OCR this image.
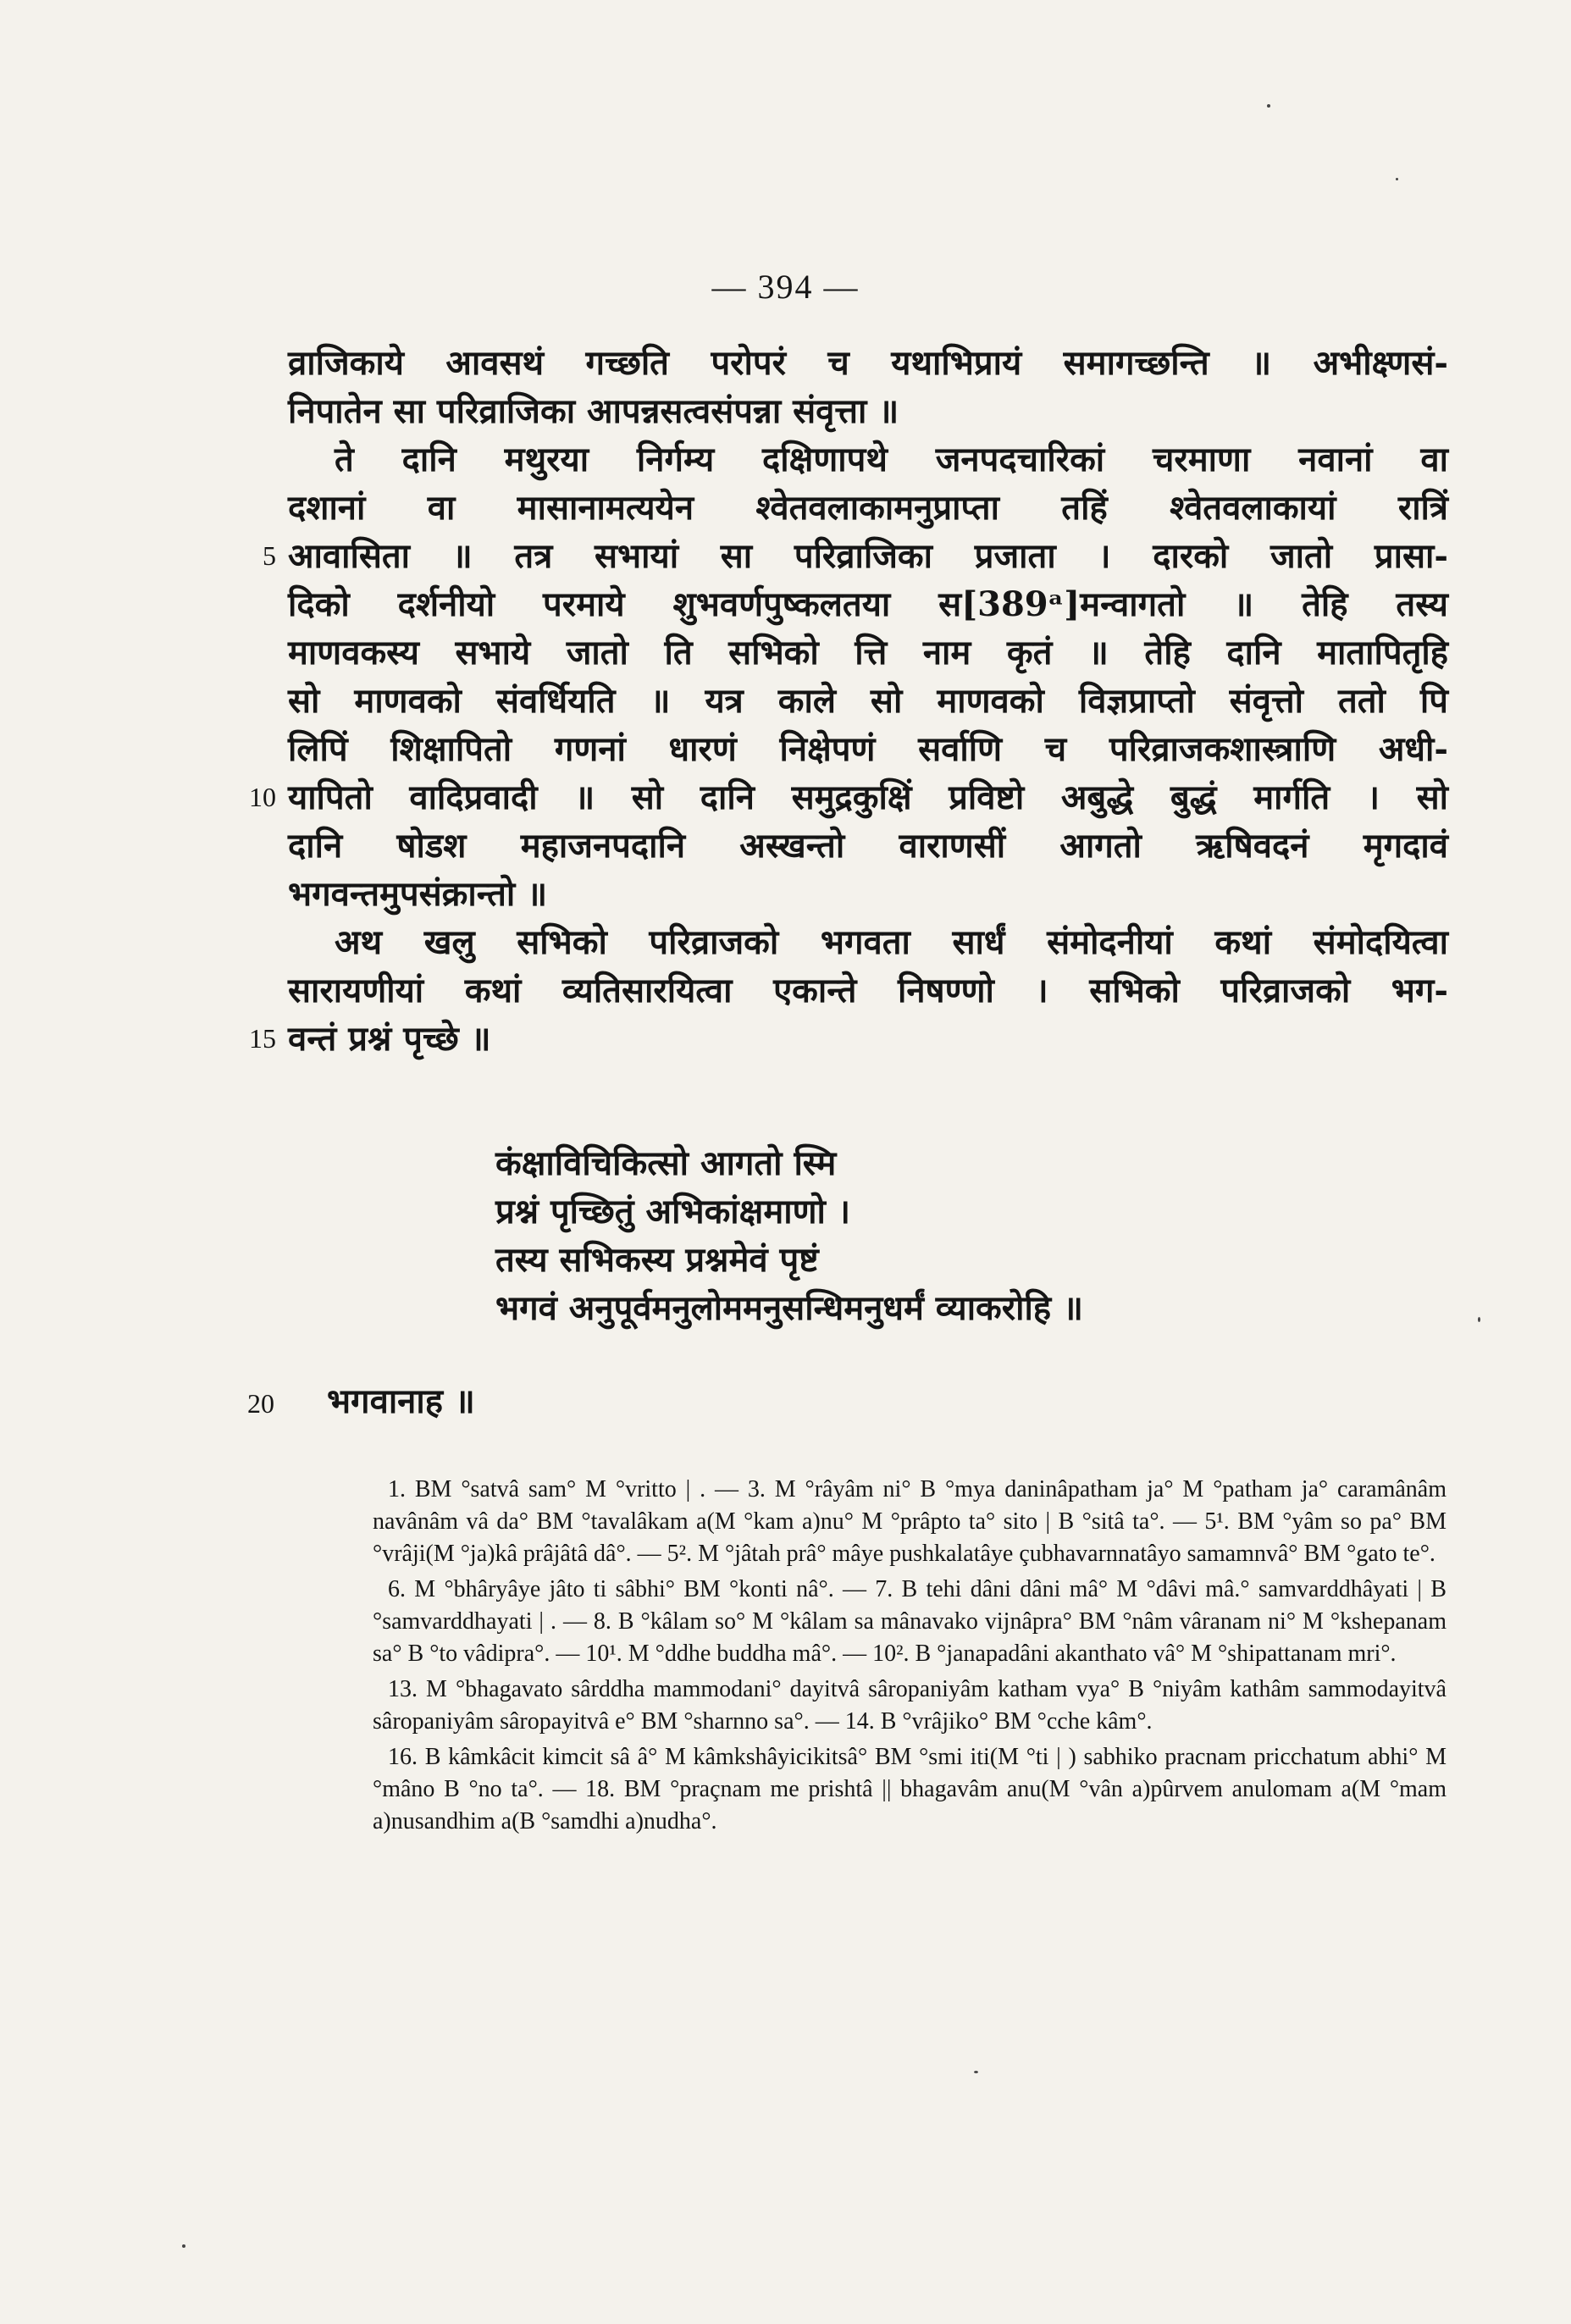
— 394 —
व्राजिकाये आवसथं गच्छति परोपरं च यथाभिप्रायं समागच्छन्ति ॥ अभीक्ष्णसं-
निपातेन सा परिव्राजिका आपन्नसत्वसंपन्ना संवृत्ता ॥
ते दानि मथुरया निर्गम्य दक्षिणापथे जनपदचारिकां चरमाणा नवानां वा
दशानां वा मासानामत्ययेन श्वेतवलाकामनुप्राप्ता तहिं श्वेतवलाकायां रात्रिं
5 आवासिता ॥ तत्र सभायां सा परिव्राजिका प्रजाता । दारको जातो प्रासा-
दिको दर्शनीयो परमाये शुभवर्णपुष्कलतया स[389ᵃ]मन्वागतो ॥ तेहि तस्य
माणवकस्य सभाये जातो ति सभिको त्ति नाम कृतं ॥ तेहि दानि मातापितृहि
सो माणवको संवर्धियति ॥ यत्र काले सो माणवको विज्ञप्राप्तो संवृत्तो ततो पि
लिपिं शिक्षापितो गणनां धारणं निक्षेपणं सर्वाणि च परिव्राजकशास्त्राणि अधी-
10 यापितो वादिप्रवादी ॥ सो दानि समुद्रकुक्षिं प्रविष्टो अबुद्धे बुद्धं मार्गति । सो
दानि षोडश महाजनपदानि अस्खन्तो वाराणसीं आगतो ऋषिवदनं मृगदावं
भगवन्तमुपसंक्रान्तो ॥
अथ खलु सभिको परिव्राजको भगवता सार्धं संमोदनीयां कथां संमोदयित्वा
सारायणीयां कथां व्यतिसारयित्वा एकान्ते निषण्णो । सभिको परिव्राजको भग-
15 वन्तं प्रश्नं पृच्छे ॥
कंक्षाविचिकित्सो आगतो स्मि
प्रश्नं पृच्छितुं अभिकांक्षमाणो ।
तस्य सभिकस्य प्रश्नमेवं पृष्टं
भगवं अनुपूर्वमनुलोममनुसन्धिमनुधर्मं व्याकरोहि ॥
20 भगवानाह ॥

1. BM °satvâ sam° M °vritto | . — 3. M °râyâm ni° B °mya daninâpatham ja° M °patham ja° caramânâm navânâm vâ da° BM °tavalâkam a(M °kam a)nu° M °prâpto ta° sito | B °sitâ ta°. — 5¹. BM °yâm so pa° BM °vrâji(M °ja)kâ prâjâtâ dâ°. — 5². M °jâtah prâ° mâye pushkalatâye çubhavarnnatâyo samamnvâ° BM °gato te°.

6. M °bhâryâye jâto ti sâbhi° BM °konti nâ°. — 7. B tehi dâni dâni mâ° M °dâvi mâ.° samvarddhâyati | B °samvarddhayati | . — 8. B °kâlam so° M °kâlam sa mânavako vijnâpra° BM °nâm vâranam ni° M °kshepanam sa° B °to vâdipra°. — 10¹. M °ddhe buddha mâ°. — 10². B °janapadâni akanthato vâ° M °shipattanam mri°.

13. M °bhagavato sârddha mammodani° dayitvâ sâropaniyâm katham vya° B °niyâm kathâm sammodayitvâ sâropaniyâm sâropayitvâ e° BM °sharnno sa°. — 14. B °vrâjiko° BM °cche kâm°.

16. B kâmkâcit kimcit sâ â° M kâmkshâyicikitsâ° BM °smi iti(M °ti | ) sabhiko pracnam pricchatum abhi° M °mâno B °no ta°. — 18. BM °praçnam me prishtâ || bhagavâm anu(M °vân a)pûrvem anulomam a(M °mam a)nusandhim a(B °samdhi a)nudha°.
